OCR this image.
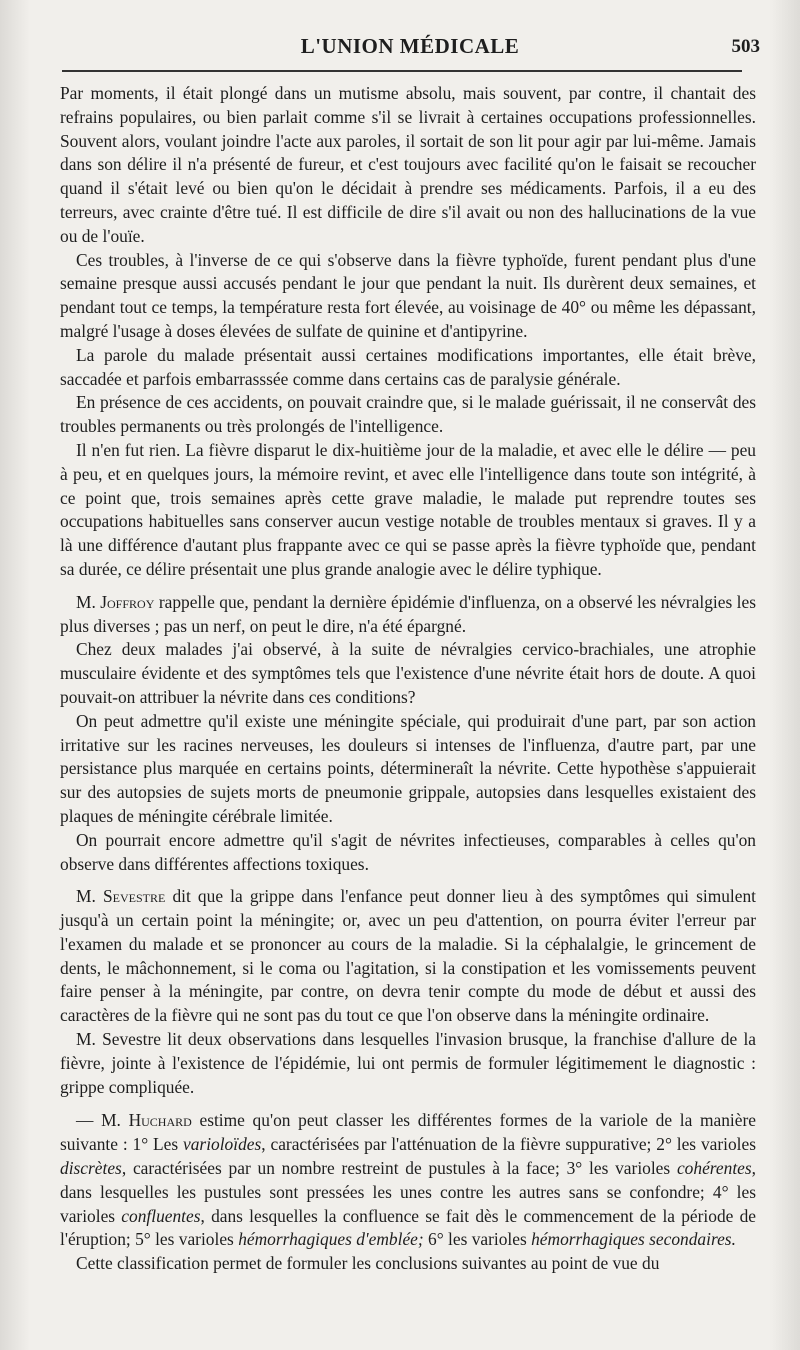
L'UNION MÉDICALE	503

Par moments, il était plongé dans un mutisme absolu, mais souvent, par contre, il chantait des refrains populaires, ou bien parlait comme s'il se livrait à certaines occupations professionnelles. Souvent alors, voulant joindre l'acte aux paroles, il sortait de son lit pour agir par lui-même. Jamais dans son délire il n'a présenté de fureur, et c'est toujours avec facilité qu'on le faisait se recoucher quand il s'était levé ou bien qu'on le décidait à prendre ses médicaments. Parfois, il a eu des terreurs, avec crainte d'être tué. Il est difficile de dire s'il avait ou non des hallucinations de la vue ou de l'ouïe.

Ces troubles, à l'inverse de ce qui s'observe dans la fièvre typhoïde, furent pendant plus d'une semaine presque aussi accusés pendant le jour que pendant la nuit. Ils durèrent deux semaines, et pendant tout ce temps, la température resta fort élevée, au voisinage de 40° ou même les dépassant, malgré l'usage à doses élevées de sulfate de quinine et d'antipyrine.

La parole du malade présentait aussi certaines modifications importantes, elle était brève, saccadée et parfois embarrasssée comme dans certains cas de paralysie générale.

En présence de ces accidents, on pouvait craindre que, si le malade guérissait, il ne conservât des troubles permanents ou très prolongés de l'intelligence.

Il n'en fut rien. La fièvre disparut le dix-huitième jour de la maladie, et avec elle le délire — peu à peu, et en quelques jours, la mémoire revint, et avec elle l'intelligence dans toute son intégrité, à ce point que, trois semaines après cette grave maladie, le malade put reprendre toutes ses occupations habituelles sans conserver aucun vestige notable de troubles mentaux si graves. Il y a là une différence d'autant plus frappante avec ce qui se passe après la fièvre typhoïde que, pendant sa durée, ce délire présentait une plus grande analogie avec le délire typhique.

M. Joffroy rappelle que, pendant la dernière épidémie d'influenza, on a observé les névralgies les plus diverses ; pas un nerf, on peut le dire, n'a été épargné.

Chez deux malades j'ai observé, à la suite de névralgies cervico-brachiales, une atrophie musculaire évidente et des symptômes tels que l'existence d'une névrite était hors de doute. A quoi pouvait-on attribuer la névrite dans ces conditions?

On peut admettre qu'il existe une méningite spéciale, qui produirait d'une part, par son action irritative sur les racines nerveuses, les douleurs si intenses de l'influenza, d'autre part, par une persistance plus marquée en certains points, détermineraît la névrite. Cette hypothèse s'appuierait sur des autopsies de sujets morts de pneumonie grippale, autopsies dans lesquelles existaient des plaques de méningite cérébrale limitée.

On pourrait encore admettre qu'il s'agit de névrites infectieuses, comparables à celles qu'on observe dans différentes affections toxiques.

M. Sevestre dit que la grippe dans l'enfance peut donner lieu à des symptômes qui simulent jusqu'à un certain point la méningite; or, avec un peu d'attention, on pourra éviter l'erreur par l'examen du malade et se prononcer au cours de la maladie. Si la céphalalgie, le grincement de dents, le mâchonnement, si le coma ou l'agitation, si la constipation et les vomissements peuvent faire penser à la méningite, par contre, on devra tenir compte du mode de début et aussi des caractères de la fièvre qui ne sont pas du tout ce que l'on observe dans la méningite ordinaire.

M. Sevestre lit deux observations dans lesquelles l'invasion brusque, la franchise d'allure de la fièvre, jointe à l'existence de l'épidémie, lui ont permis de formuler légitimement le diagnostic : grippe compliquée.

— M. Huchard estime qu'on peut classer les différentes formes de la variole de la manière suivante : 1° Les varioloïdes, caractérisées par l'atténuation de la fièvre suppurative; 2° les varioles discrètes, caractérisées par un nombre restreint de pustules à la face; 3° les varioles cohérentes, dans lesquelles les pustules sont pressées les unes contre les autres sans se confondre; 4° les varioles confluentes, dans lesquelles la confluence se fait dès le commencement de la période de l'éruption; 5° les varioles hémorrhagiques d'emblée; 6° les varioles hémorrhagiques secondaires.

Cette classification permet de formuler les conclusions suivantes au point de vue du
